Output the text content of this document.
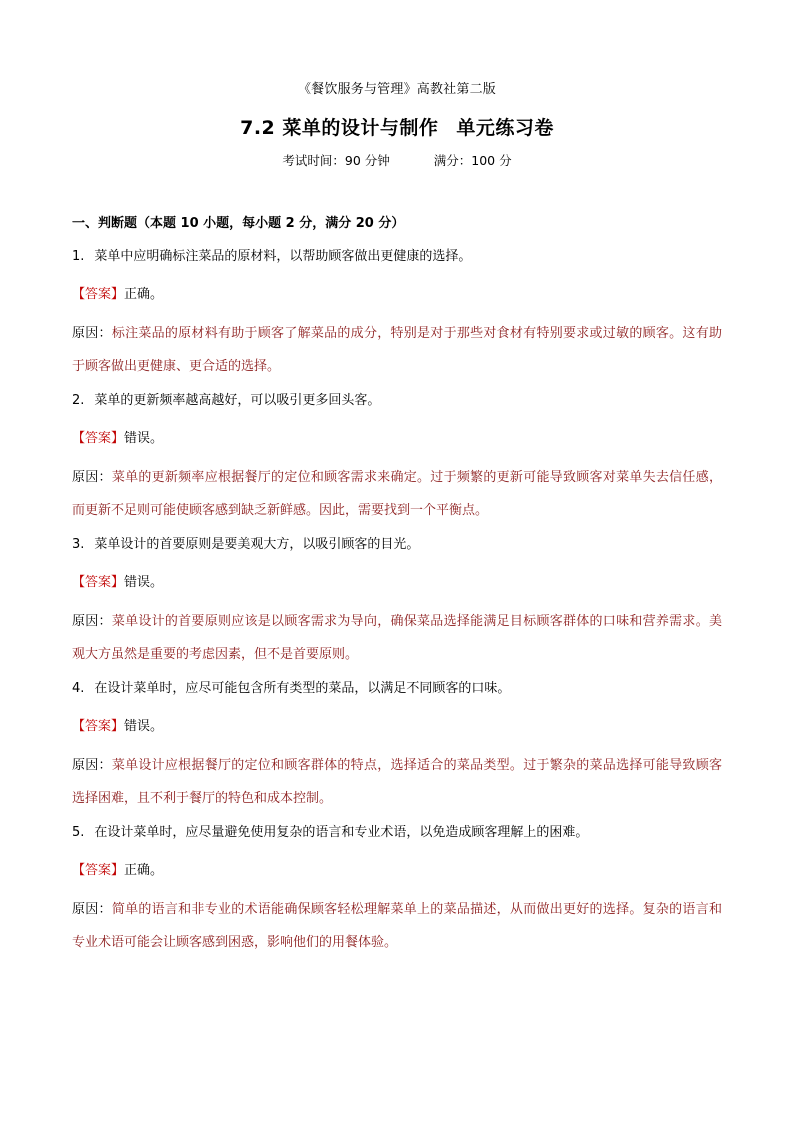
《餐饮服务与管理》高教社第二版
7.2 菜单的设计与制作 单元练习卷
考试时间：90 分钟	满分：100 分
一、判断题（本题 10 小题，每小题 2 分，满分 20 分）
1. 菜单中应明确标注菜品的原材料，以帮助顾客做出更健康的选择。
【答案】正确。
原因：标注菜品的原材料有助于顾客了解菜品的成分，特别是对于那些对食材有特别要求或过敏的顾客。这有助于顾客做出更健康、更合适的选择。
2. 菜单的更新频率越高越好，可以吸引更多回头客。
【答案】错误。
原因：菜单的更新频率应根据餐厅的定位和顾客需求来确定。过于频繁的更新可能导致顾客对菜单失去信任感，而更新不足则可能使顾客感到缺乏新鲜感。因此，需要找到一个平衡点。
3. 菜单设计的首要原则是要美观大方，以吸引顾客的目光。
【答案】错误。
原因：菜单设计的首要原则应该是以顾客需求为导向，确保菜品选择能满足目标顾客群体的口味和营养需求。美观大方虽然是重要的考虑因素，但不是首要原则。
4. 在设计菜单时，应尽可能包含所有类型的菜品，以满足不同顾客的口味。
【答案】错误。
原因：菜单设计应根据餐厅的定位和顾客群体的特点，选择适合的菜品类型。过于繁杂的菜品选择可能导致顾客选择困难，且不利于餐厅的特色和成本控制。
5. 在设计菜单时，应尽量避免使用复杂的语言和专业术语，以免造成顾客理解上的困难。
【答案】正确。
原因：简单的语言和非专业的术语能确保顾客轻松理解菜单上的菜品描述，从而做出更好的选择。复杂的语言和专业术语可能会让顾客感到困惑，影响他们的用餐体验。
